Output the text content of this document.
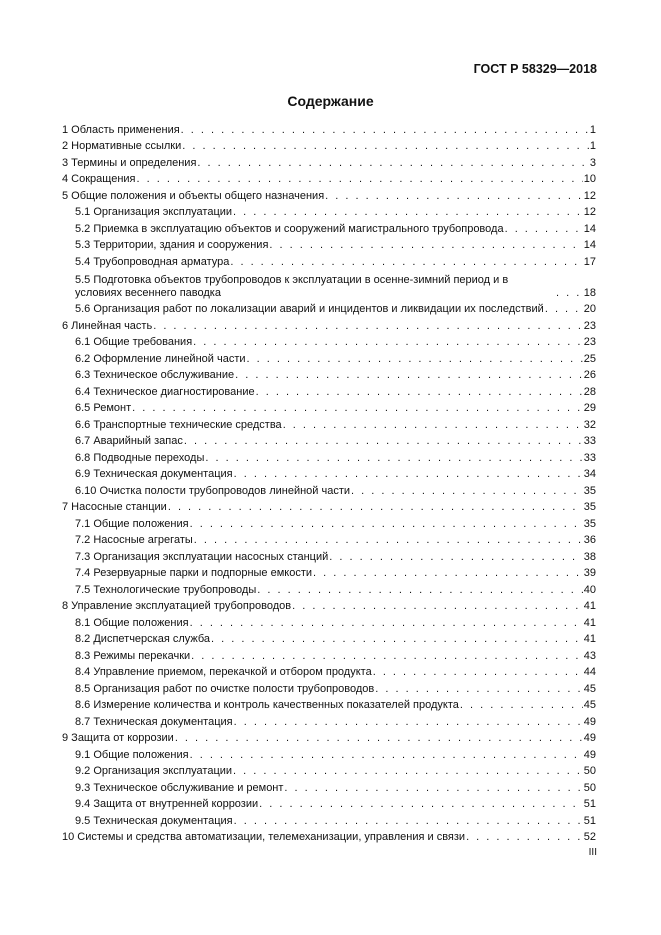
ГОСТ Р 58329—2018
Содержание
1 Область применения . . .	1
2 Нормативные ссылки . . .	1
3 Термины и определения . . .	3
4 Сокращения . . .	10
5 Общие положения и объекты общего назначения . . .	12
5.1 Организация эксплуатации . . .	12
5.2 Приемка в эксплуатацию объектов и сооружений магистрального трубопровода . . .	14
5.3 Территории, здания и сооружения . . .	14
5.4 Трубопроводная арматура . . .	17
5.5 Подготовка объектов трубопроводов к эксплуатации в осенне-зимний период и в условиях весеннего паводка . . .	18
5.6 Организация работ по локализации аварий и инцидентов и ликвидации их последствий . . .	20
6 Линейная часть . . .	23
6.1 Общие требования . . .	23
6.2 Оформление линейной части . . .	25
6.3 Техническое обслуживание . . .	26
6.4 Техническое диагностирование . . .	28
6.5 Ремонт . . .	29
6.6 Транспортные технические средства . . .	32
6.7 Аварийный запас . . .	33
6.8 Подводные переходы . . .	33
6.9 Техническая документация . . .	34
6.10 Очистка полости трубопроводов линейной части . . .	35
7 Насосные станции . . .	35
7.1 Общие положения . . .	35
7.2 Насосные агрегаты . . .	36
7.3 Организация эксплуатации насосных станций . . .	38
7.4 Резервуарные парки и подпорные емкости . . .	39
7.5 Технологические трубопроводы . . .	40
8 Управление эксплуатацией трубопроводов . . .	41
8.1 Общие положения . . .	41
8.2 Диспетчерская служба . . .	41
8.3 Режимы перекачки . . .	43
8.4 Управление приемом, перекачкой и отбором продукта . . .	44
8.5 Организация работ по очистке полости трубопроводов . . .	45
8.6 Измерение количества и контроль качественных показателей продукта . . .	45
8.7 Техническая документация . . .	49
9 Защита от коррозии . . .	49
9.1 Общие положения . . .	49
9.2 Организация эксплуатации . . .	50
9.3 Техническое обслуживание и ремонт . . .	50
9.4 Защита от внутренней коррозии . . .	51
9.5 Техническая документация . . .	51
10 Системы и средства автоматизации, телемеханизации, управления и связи . . .	52
III
